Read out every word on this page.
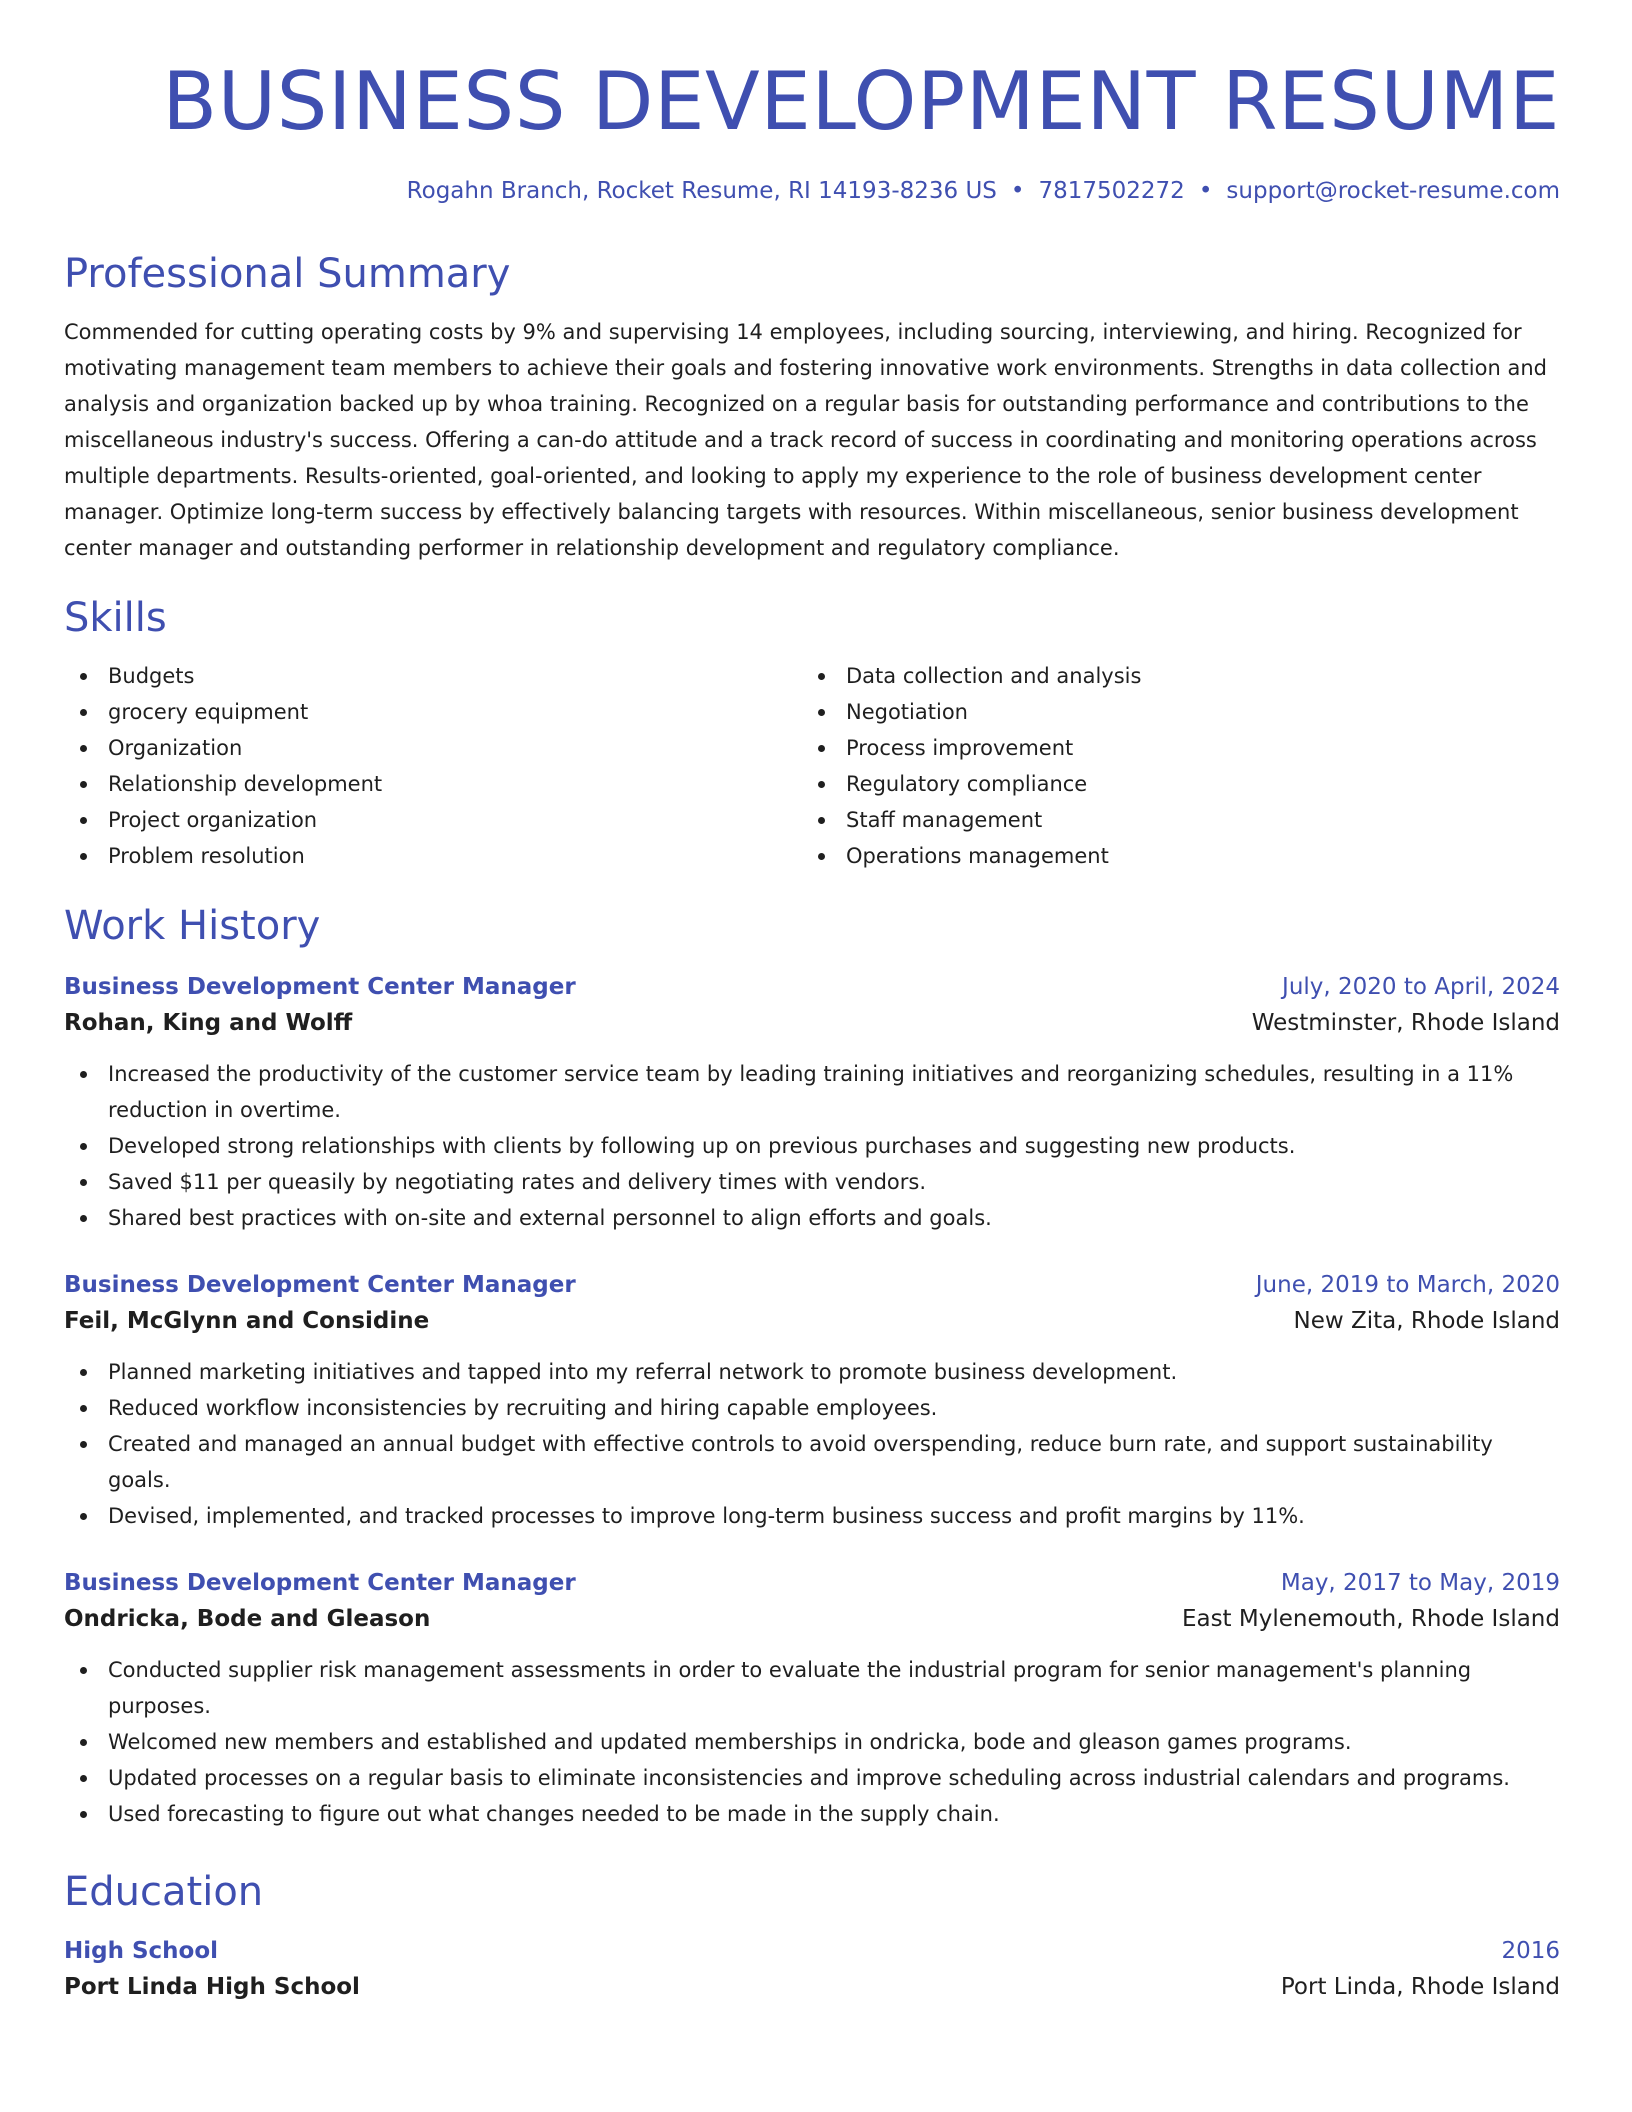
BUSINESS DEVELOPMENT RESUME
Rogahn Branch, Rocket Resume, RI 14193-8236 US • 7817502272 • support@rocket-resume.com
Professional Summary
Commended for cutting operating costs by 9% and supervising 14 employees, including sourcing, interviewing, and hiring. Recognized for motivating management team members to achieve their goals and fostering innovative work environments. Strengths in data collection and analysis and organization backed up by whoa training. Recognized on a regular basis for outstanding performance and contributions to the miscellaneous industry's success. Offering a can-do attitude and a track record of success in coordinating and monitoring operations across multiple departments. Results-oriented, goal-oriented, and looking to apply my experience to the role of business development center manager. Optimize long-term success by effectively balancing targets with resources. Within miscellaneous, senior business development center manager and outstanding performer in relationship development and regulatory compliance.
Skills
Budgets
grocery equipment
Organization
Relationship development
Project organization
Problem resolution
Data collection and analysis
Negotiation
Process improvement
Regulatory compliance
Staff management
Operations management
Work History
Business Development Center Manager	July, 2020 to April, 2024
Rohan, King and Wolff	Westminster, Rhode Island
Increased the productivity of the customer service team by leading training initiatives and reorganizing schedules, resulting in a 11% reduction in overtime.
Developed strong relationships with clients by following up on previous purchases and suggesting new products.
Saved $11 per queasily by negotiating rates and delivery times with vendors.
Shared best practices with on-site and external personnel to align efforts and goals.
Business Development Center Manager	June, 2019 to March, 2020
Feil, McGlynn and Considine	New Zita, Rhode Island
Planned marketing initiatives and tapped into my referral network to promote business development.
Reduced workflow inconsistencies by recruiting and hiring capable employees.
Created and managed an annual budget with effective controls to avoid overspending, reduce burn rate, and support sustainability goals.
Devised, implemented, and tracked processes to improve long-term business success and profit margins by 11%.
Business Development Center Manager	May, 2017 to May, 2019
Ondricka, Bode and Gleason	East Mylenemouth, Rhode Island
Conducted supplier risk management assessments in order to evaluate the industrial program for senior management's planning purposes.
Welcomed new members and established and updated memberships in ondricka, bode and gleason games programs.
Updated processes on a regular basis to eliminate inconsistencies and improve scheduling across industrial calendars and programs.
Used forecasting to figure out what changes needed to be made in the supply chain.
Education
High School	2016
Port Linda High School	Port Linda, Rhode Island
